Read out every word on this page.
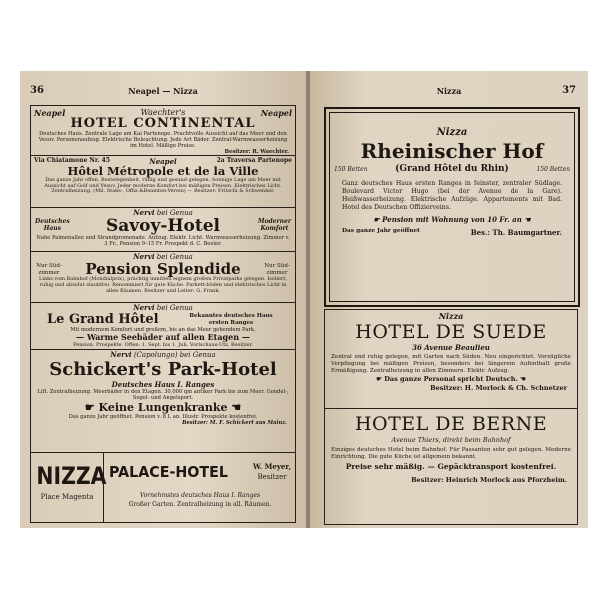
36	Neapel — Nizza
Neapel	Waechter's	Neapel
HOTEL CONTINENTAL
Deutsches Haus. Zentrale Lage am Kai Partenope. Prachtvolle Aussicht auf das Meer und den Vesuv. Personenaufzug. Elektrische Beleuchtung. Jede Art Bäder. Zentral-Warmwasserheizung im Hotel. Mäßige Preise.
Besitzer: R. Waechter.
Via Chiatamone Nr. 45	Neapel	2a Traversa Partenope
Hôtel Métropole et de la Ville
Das ganze Jahr offen. Bestelegenheit, ruhig und gesund gelegen. Sonnige Lage am Meer mit Aussicht auf Golf und Vesuv. Jeder moderne Komfort bei mäßigen Preisen. Elektrisches Licht. Zentralheizung. (Mil. Stabs-, Offiz.&Beamten-Verein) — Besitzer: Fritschi & Schwenker.
Nervi bei Genua
Deutsches
Haus	Savoy-Hotel	Moderner
Komfort
Nahe Palmenallee und Strandpromenade. Aufzug. Elektr. Licht. Warmwasserheizung. Zimmer v. 3 Fr., Pension 9–15 Fr. Prospekt d. C. Beeler.
Nervi bei Genua
Nur Süd-zimmer	Pension Splendide	Nur Süd-zimmer
Links vom Bahnhof (Mondialprix), prächtig inmitten eignem großen Privatparks gelegen. Isoliert, ruhig und absolut staubfrei. Renommiert für gute Küche. Parkett-böden und elektrisches Licht in allen Räumen. Besitzer und Leiter: G. Frank.
Nervi bei Genua
Le Grand Hôtel	Bekanntes deutsches Haus ersten Ranges
Mit modernem Komfort und großem, bis an das Meer gehendem Park.
— Warme Seebäder auf allen Etagen —
Pension. Prospekte. Offen: 1. Sept. bis 1. Juli. Vorlschaus-Utz, Besitzer.
Nervi (Capolungo) bei Genua
Schickert's Park-Hotel
Deutsches Haus I. Ranges
Lift. Zentralheizung. Meerbäder in den Etagen. 30,000 qm antiker Park bis zum Meer. Gondel-, Segel- und Angelsport.
☛ Keine Lungenkranke ☚
Das ganze Jahr geöffnet. Pension v. 8 L an. Illustr. Prospekte kostenfrei.
Besitzer: M. F. Schickert aus Mainz.
NIZZA
Place Magenta
PALACE-HOTEL	W. Meyer,
Besitzer
Vornehmstes deutsches Haus I. Ranges
Großer Garten. Zentralheizung in all. Räumen.
Nizza	37
Nizza
Rheinischer Hof
150 Betten	(Grand Hôtel du Rhin)	150 Betten
Ganz deutsches Haus ersten Ranges in feinster, zentraler Südlage. Boulevard Victor Hugo (bei der Avenue de la Gare). Heißwasserheizung. Elektrische Aufzüge. Appartements mit Bad. Hotel des Deutschen Offizierveins.
☛ Pension mit Wohnung von 10 Fr. an ☚
Das ganze Jahr geöffnet	Bes.: Th. Baumgartner.
Nizza
HOTEL DE SUEDE
36 Avenue Beaulieu
Zentral und ruhig gelegen, mit Garten nach Süden. Neu eingerichtet. Vorzügliche Verpflegung bei mäßigen Preisen, besonders bei längerem Aufenthalt große Ermäßigung. Zentralheizung in allen Zimmern. Elektr. Aufzug.
☛ Das ganze Personal spricht Deutsch. ☚
Besitzer: H. Morlock & Ch. Schnetzer
HOTEL DE BERNE
Avenue Thiers, direkt beim Bahnhof
Einziges deutsches Hotel beim Bahnhof. Für Passanten sehr gut gelegen. Moderne Einrichtung. Die gute Küche ist allgemein bekannt.
Preise sehr mäßig. — Gepäcktransport kostenfrei.
Besitzer: Heinrich Morlock aus Pforzheim.
